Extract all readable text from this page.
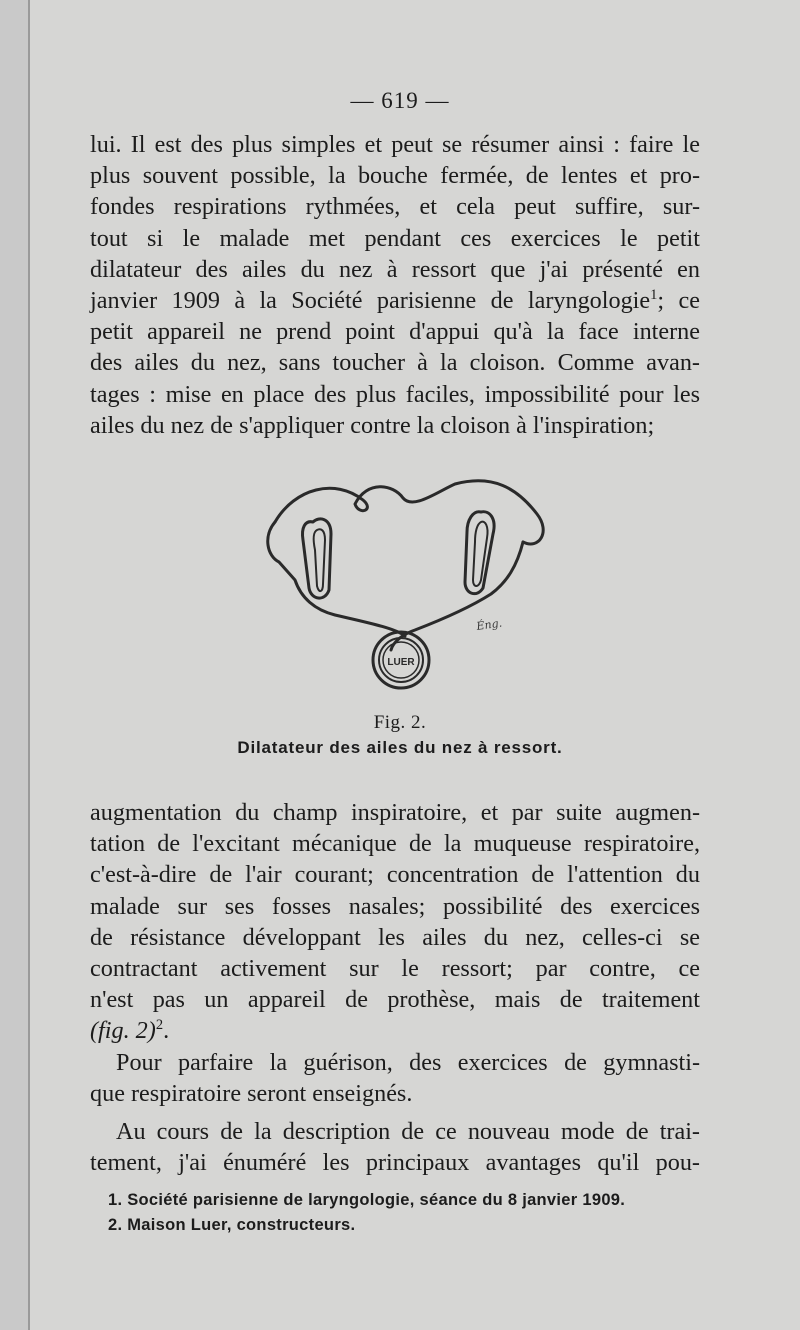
— 619 —
lui. Il est des plus simples et peut se résumer ainsi : faire le
plus souvent possible, la bouche fermée, de lentes et pro-
fondes respirations rythmées, et cela peut suffire, sur-
tout si le malade met pendant ces exercices le petit
dilatateur des ailes du nez à ressort que j'ai présenté en
janvier 1909 à la Société parisienne de laryngologie$^1$; ce
petit appareil ne prend point d'appui qu'à la face interne
des ailes du nez, sans toucher à la cloison. Comme avan-
tages : mise en place des plus faciles, impossibilité pour les
ailes du nez de s'appliquer contre la cloison à l'inspiration;
LUER
Éng.
Fig. 2.
Dilatateur des ailes du nez à ressort.
augmentation du champ inspiratoire, et par suite augmen-
tation de l'excitant mécanique de la muqueuse respiratoire,
c'est-à-dire de l'air courant; concentration de l'attention du
malade sur ses fosses nasales; possibilité des exercices
de résistance développant les ailes du nez, celles-ci se
contractant activement sur le ressort; par contre, ce
n'est pas un appareil de prothèse, mais de traitement
(fig. 2)$^2$.
Pour parfaire la guérison, des exercices de gymnasti-
que respiratoire seront enseignés.
Au cours de la description de ce nouveau mode de trai-
tement, j'ai énuméré les principaux avantages qu'il pou-
1. Société parisienne de laryngologie, séance du 8 janvier 1909.
2. Maison Luer, constructeurs.
